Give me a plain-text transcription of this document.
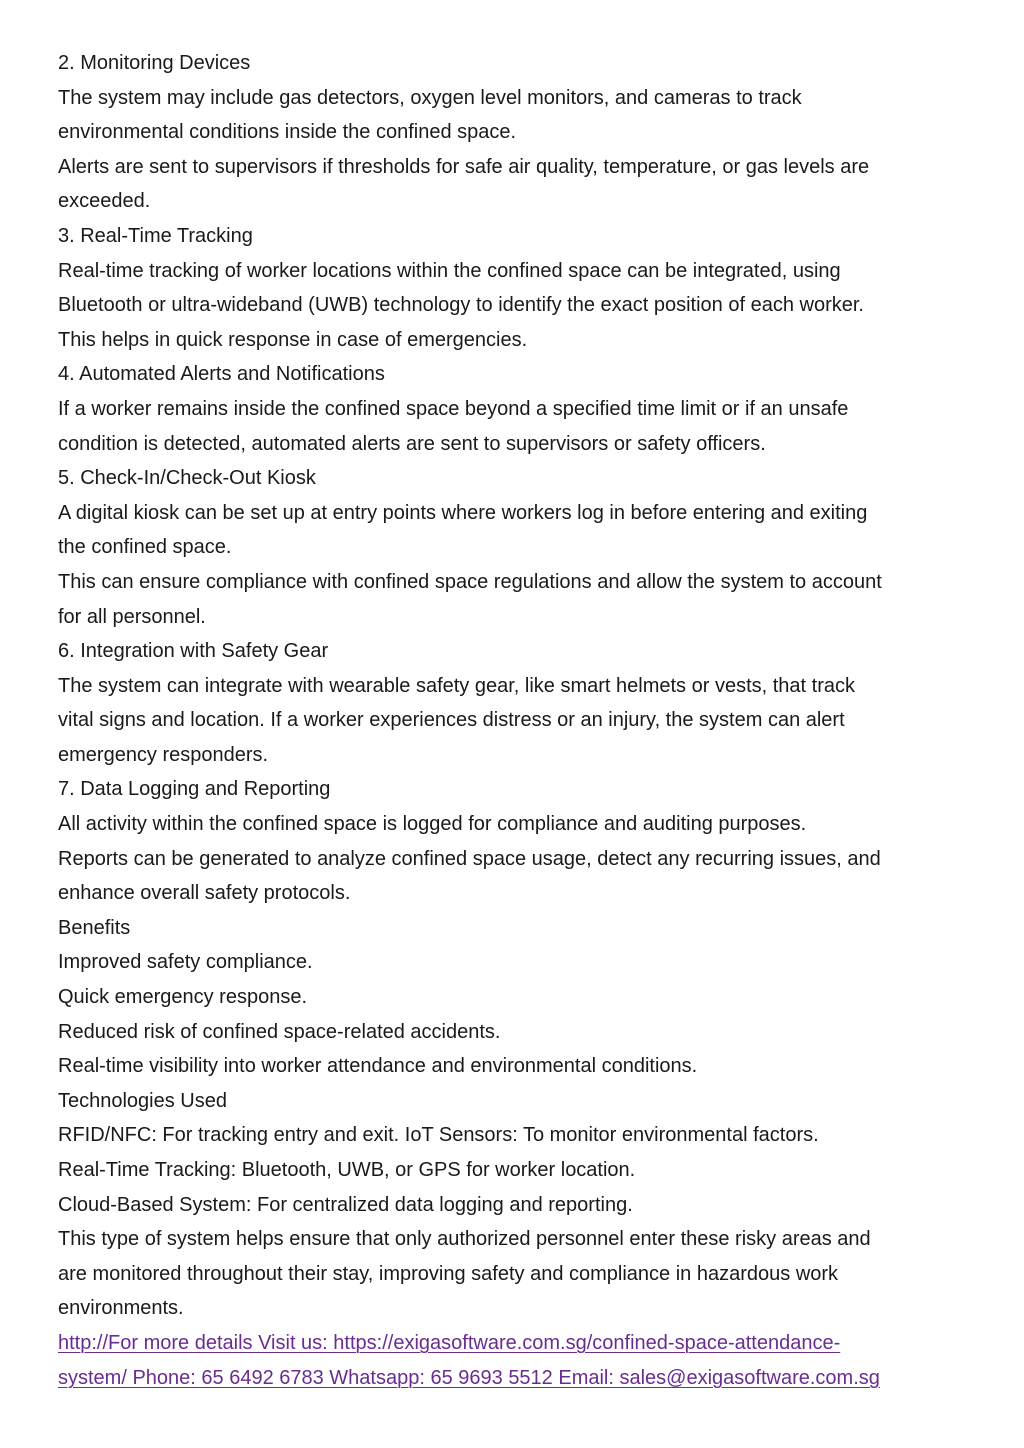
2. Monitoring Devices
The system may include gas detectors, oxygen level monitors, and cameras to track
environmental conditions inside the confined space.
Alerts are sent to supervisors if thresholds for safe air quality, temperature, or gas levels are
exceeded.
3. Real-Time Tracking
Real-time tracking of worker locations within the confined space can be integrated, using
Bluetooth or ultra-wideband (UWB) technology to identify the exact position of each worker.
This helps in quick response in case of emergencies.
4. Automated Alerts and Notifications
If a worker remains inside the confined space beyond a specified time limit or if an unsafe
condition is detected, automated alerts are sent to supervisors or safety officers.
5. Check-In/Check-Out Kiosk
A digital kiosk can be set up at entry points where workers log in before entering and exiting
the confined space.
This can ensure compliance with confined space regulations and allow the system to account
for all personnel.
6. Integration with Safety Gear
The system can integrate with wearable safety gear, like smart helmets or vests, that track
vital signs and location. If a worker experiences distress or an injury, the system can alert
emergency responders.
7. Data Logging and Reporting
All activity within the confined space is logged for compliance and auditing purposes.
Reports can be generated to analyze confined space usage, detect any recurring issues, and
enhance overall safety protocols.
Benefits
Improved safety compliance.
Quick emergency response.
Reduced risk of confined space-related accidents.
Real-time visibility into worker attendance and environmental conditions.
Technologies Used
RFID/NFC: For tracking entry and exit. IoT Sensors: To monitor environmental factors.
Real-Time Tracking: Bluetooth, UWB, or GPS for worker location.
Cloud-Based System: For centralized data logging and reporting.
This type of system helps ensure that only authorized personnel enter these risky areas and
are monitored throughout their stay, improving safety and compliance in hazardous work
environments.
http://For more details Visit us: https://exigasoftware.com.sg/confined-space-attendance-
system/ Phone: 65 6492 6783 Whatsapp: 65 9693 5512 Email: sales@exigasoftware.com.sg
